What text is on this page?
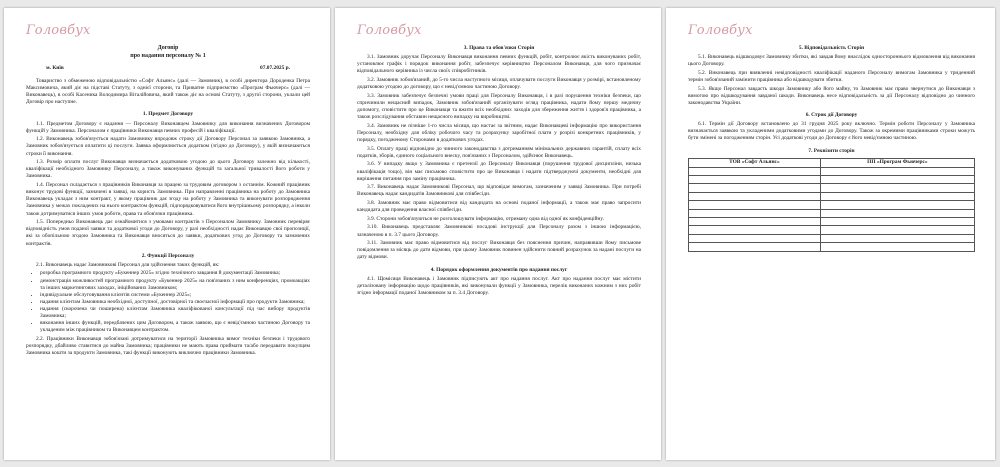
Головбух
Договір
про надання персоналу № 1
м. Київ	07.07.2025 р.

Товариство з обмеженою відповідальністю «Софт Альянс» (далі — Замовник), в особі директора Дороденка Петра Максимовича, який діє на підставі Статуту, з однієї сторони, та Приватне підприємство «Програм Фьючерс» (далі — Виконавець), в особі Касеника Володимира Віталійовича, який також діє на основі Статуту, з другої сторони, уклали цей Договір про наступне.

1. Предмет Договору

1.1. Предметом Договору є надання — Персоналу Виконавцем Замовнику для виконання визначених Договором функцій у Замовника. Персоналом є працівники Виконавця певних професій і кваліфікації.

1.2. Виконавець зобов'язується надати Замовнику впродовж строку дії Договору Персонал за заявкою Замовника, а Замовник зобов'язується оплатити ці послуги. Заявка оформлюється додатком (згідно до Договору), у якій визначаються строки її виконання.

1.3. Розмір оплати послуг Виконавця визначається додатковою угодою до цього Договору залежно від кількості, кваліфікації необхідного Замовнику Персоналу, а також виконуваних функцій та загальної тривалості його роботи у Замовника.

1.4. Персонал складається з працівників Виконавця за працею за трудовим договором з останнім. Кожний працівник виконує трудові функції, зазначені в заявці, на користь Замовника. При направленні працівника на роботу до Замовника Виконавець укладає з ним контракт, у якому працівник дає згоду на роботу у Замовника та виконувати розпорядження Замовника у межах покладених на нього контрактом функцій, підпорядковуватися його внутрішньому розпорядку, а інколи також дотримуватися інших умов роботи, права та обов'язки працівника.

1.5. Попередньо Виконавець дає ознайомитися з умовами контрактів з Персоналом Замовнику. Замовник перевіряє відповідність умов поданої заявки та додаткової угоди до Договору, у разі необхідності надає Виконавцю свої пропозиції, які за обопільною згодою Замовника та Виконавця вносяться до заявки, додаткових угод до Договору та зазначених контрактів.

2. Функції Персоналу

2.1. Виконавець надає Замовникові Персонал для здійснення таких функцій, як:

• розробка програмного продукту «Букеннер 2025» згідно технічного завдання й документації Замовника;
• демонстрація можливостей програмного продукту «Букеннер 2025» на пов'язаних з ним конференціях, промоакціях та інших маркетингових заходах, ініційованих Замовником;
• індивідуальне обслуговування клієнтів системи «Букеннер 2025»;
• надання клієнтам Замовника необхідної, доступної, достовірної та своєчасної інформації про продукти Замовника;
• надання (скорочена чи поширена) клієнтам Замовника кваліфікованої консультації під час вибору продуктів Замовника;
• виконання інших функцій, передбачених цим Договором, а також заявою, що є невід'ємною частиною Договору та укладеним між працівником та Виконавцем контрактом.

2.2. Працівники Виконавця зобов'язані дотримуватися на території Замовника вимог техніки безпеки і трудового розпорядку, дбайливо ставитися до майна Замовника; працівники не мають права приймати та/або передавати покупцям Замовника кошти за продукти Замовника, такі функції виконують виключно працівники Замовника.

Головбух
3. Права та обов'язки Сторін

3.1. Замовник доручає Персоналу Виконавця виконання певних функцій, робіт, контролює якість виконуваних робіт, установлює графік і порядок виконання робіт, забезпечує керівництво Персоналом Виконавця, для чого призначає відповідального керівника із числа своїх співробітників.

3.2. Замовник зобов'язаний, до 5-го числа наступного місяця, оплачувати послуги Виконавця у розмірі, встановленому додатковою угодою до договору, що є невід'ємною частиною Договору.

3.3. Замовник забезпечує безпечні умови праці для Персоналу Виконавця, і в разі порушення техніки безпеки, що спричинили нещасний випадок, Замовник зобов'язаний організувати огляд працівника, надати йому першу медичну допомогу, сповістити про це Виконавця та вжити всіх необхідних заходів для збереження життя і здоров'я працівника, а також розслідування обставин нещасного випадку на виробництві.

3.4. Замовник не пізніше 1-го числа місяця, що настає за звітним, надає Виконавцеві інформацію про використання Персоналу, необхідну для обліку робочого часу та розрахунку заробітної плати у розрізі конкретних працівників, у порядку, погодженому Сторонами в додаткових угодах.

3.5. Оплату праці відповідно до чинного законодавства з дотриманням мінімальних державних гарантій, сплату всіх податків, зборів, єдиного соціального внеску, пов'язаних з Персоналом, здійснює Виконавець.

3.6. У випадку якщо у Замовника є претензії до Персоналу Виконавця (порушення трудової дисципліни, низька кваліфікація тощо), він має письмово сповістити про це Виконавця і надати підтверджуючі документи, необхідні для вирішення питання про заміну працівника.

3.7. Виконавець надає Замовникові Персонал, що відповідає вимогам, зазначеним у заявці Замовника. При потребі Виконавець надає кандидатів Замовникові для співбесіди.

3.8. Замовник має право відмовитися від кандидата на основі поданої інформації, а також має право запросити кандидата для проведення власної співбесіди.

3.9. Сторони зобов'язуються не розголошувати інформацію, отриману одна від одної як конфіденційну.

3.10. Виконавець представляє Замовникові посадові інструкції для Персоналу разом з іншою інформацією, зазначеною в п. 3.7 цього Договору.

3.11. Замовник має право відмовитися від послуг Виконавця без пояснення причин, направивши йому письмове повідомлення за місяць до дати відмови, при цьому Замовник повинен здійснити повний розрахунок за надані послуги на дату відмови.

4. Порядок оформлення документів про надання послуг

4.1. Щомісяця Виконавець і Замовник підписують акт про надання послуг. Акт про надання послуг має містити деталізовану інформацію щодо працівників, які виконували функції у Замовника, перелік виконаних кожним з них робіт згідно інформації поданої Замовником за п. 3.4 Договору.

Головбух
5. Відповідальність Сторін

5.1. Виконавець відшкодовує Замовнику збитки, які завдав йому внаслідок одностороннього відмовлення від виконання цього Договору.

5.2. Виконавець при виявленні невідповідності кваліфікації наданого Персоналу вимогам Замовника у триденний термін зобов'язаний замінити працівника або відшкодувати збитки.

5.3. Якщо Персонал завдасть шкоди Замовнику або його майну, то Замовник має право звернутися до Виконавця з вимогою про відшкодування завданої шкоди. Виконавець несе відповідальність за дії Персоналу відповідно до чинного законодавства України.

6. Строк дії Договору

6.1. Термін дії Договору встановлено до 31 грудня 2025 року включно. Термін роботи Персоналу у Замовника визначається заявкою та укладеними додатковими угодами до Договору. Також за окремими працівниками строки можуть бути змінені за погодженням сторін. Усі додаткові угоди до Договору є його невід'ємною частиною.

7. Реквізити сторін
ТОВ «Софт Альянс»	ПП «Програм Фьючерс»
